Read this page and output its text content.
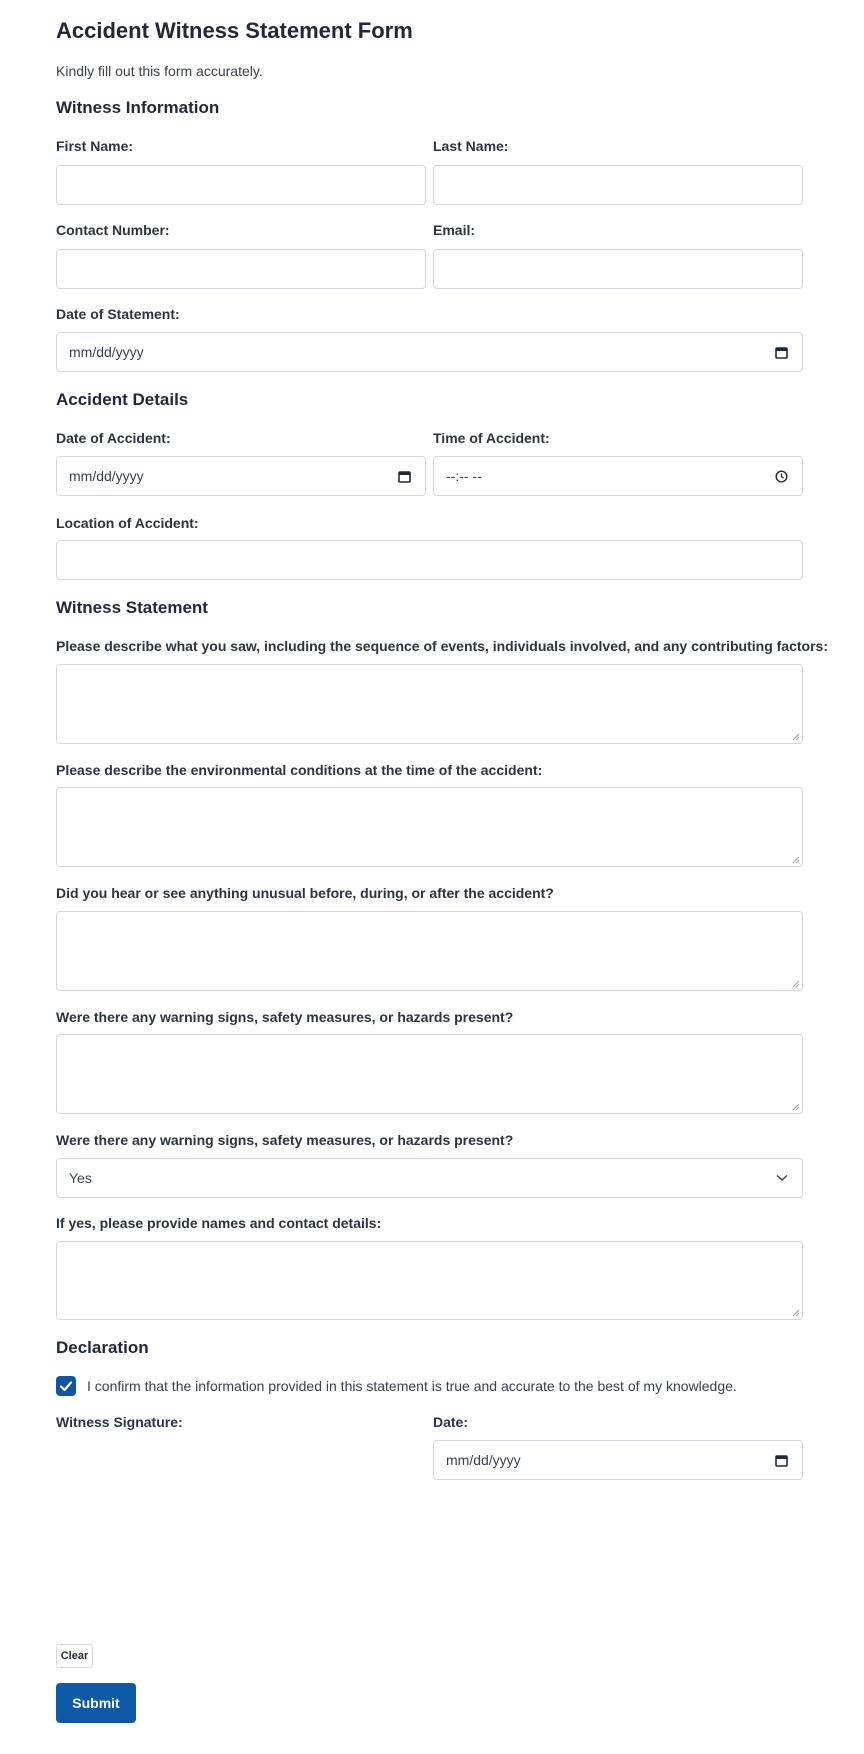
Accident Witness Statement Form
Kindly fill out this form accurately.
Witness Information
First Name:	Last Name:
Contact Number:	Email:
Date of Statement:
mm/dd/yyyy
Accident Details
Date of Accident:	Time of Accident:
mm/dd/yyyy	--:-- --
Location of Accident:
Witness Statement
Please describe what you saw, including the sequence of events, individuals involved, and any contributing factors:
Please describe the environmental conditions at the time of the accident:
Did you hear or see anything unusual before, during, or after the accident?
Were there any warning signs, safety measures, or hazards present?
Were there any warning signs, safety measures, or hazards present?
Yes
If yes, please provide names and contact details:
Declaration
I confirm that the information provided in this statement is true and accurate to the best of my knowledge.
Witness Signature:	Date:
mm/dd/yyyy
Clear
Submit
